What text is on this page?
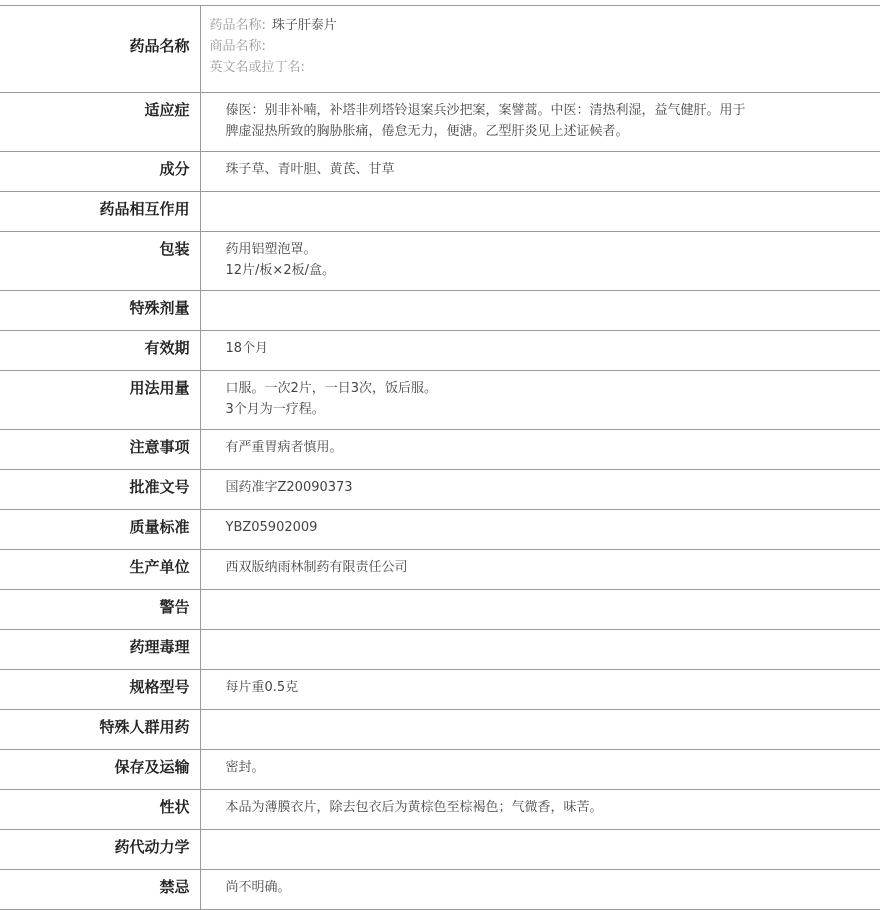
药品名称	药品名称: 珠子肝泰片
商品名称:
英文名或拉丁名:

适应症	傣医：别非补喃，补塔非列塔铃退案兵沙把案，案譬蒿。中医：清热利湿，益气健肝。用于
脾虚湿热所致的胸胁胀痛，倦怠无力，便溏。乙型肝炎见上述证候者。

成分	珠子草、青叶胆、黄芪、甘草

药品相互作用	

包装	药用铝塑泡罩。
12片/板×2板/盒。

特殊剂量	

有效期	18个月

用法用量	口服。一次2片，一日3次，饭后服。
3个月为一疗程。

注意事项	有严重胃病者慎用。

批准文号	国药准字Z20090373

质量标准	YBZ05902009

生产单位	西双版纳雨林制药有限责任公司

警告	

药理毒理	

规格型号	每片重0.5克

特殊人群用药	

保存及运输	密封。

性状	本品为薄膜衣片，除去包衣后为黄棕色至棕褐色；气微香，味苦。

药代动力学	

禁忌	尚不明确。
